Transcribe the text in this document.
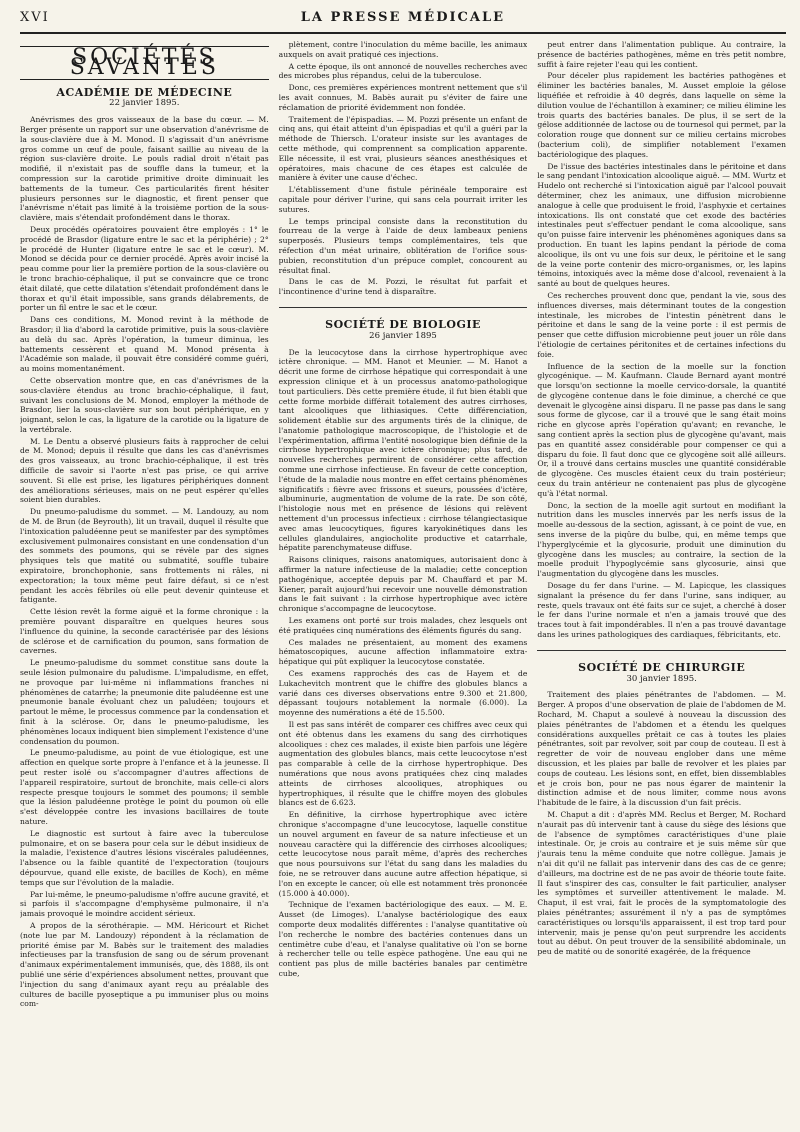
XVI	LA PRESSE MÉDICALE
SOCIÉTÉS SAVANTES
ACADÉMIE DE MÉDECINE
22 janvier 1895.

Anévrismes des gros vaisseaux de la base du cœur. — M. Berger présente un rapport sur une observation d'anévrisme de la sous-clavière due à M. Monod. Il s'agissait d'un anévrisme gros comme un œuf de poule, faisant saillie au niveau de la région sus-clavière droite. Le pouls radial droit n'était pas modifié, il n'existait pas de souffle dans la tumeur, et la compression sur la carotide primitive droite diminuait les battements de la tumeur. Ces particularités firent hésiter plusieurs personnes sur le diagnostic, et firent penser que l'anévrisme n'était pas limité à la troisième portion de la sous-clavière, mais s'étendait profondément dans le thorax.

Deux procédés opératoires pouvaient être employés : 1° le procédé de Brasdor (ligature entre le sac et la périphérie) ; 2° le procédé de Hunter (ligature entre le sac et le cœur). M. Monod se décida pour ce dernier procédé. Après avoir incisé la peau comme pour lier la première portion de la sous-clavière ou le tronc brachio-céphalique, il put se convaincre que ce tronc était dilaté, que cette dilatation s'étendait profondément dans le thorax et qu'il était impossible, sans grands délabrements, de porter un fil entre le sac et le cœur.

Dans ces conditions, M. Monod revint à la méthode de Brasdor; il lia d'abord la carotide primitive, puis la sous-clavière au delà du sac. Après l'opération, la tumeur diminua, les battements cessèrent et quand M. Monod présenta à l'Académie son malade, il pouvait être considéré comme guéri, au moins momentanément.

Cette observation montre que, en cas d'anévrismes de la sous-clavière étendus au tronc brachio-céphalique, il faut, suivant les conclusions de M. Monod, employer la méthode de Brasdor, lier la sous-clavière sur son bout périphérique, en y joignant, selon le cas, la ligature de la carotide ou la ligature de la vertébrale.

M. Le Dentu a observé plusieurs faits à rapprocher de celui de M. Monod; depuis il résulte que dans les cas d'anévrismes des gros vaisseaux, au tronc brachio-céphalique, il est très difficile de savoir si l'aorte n'est pas prise, ce qui arrive souvent. Si elle est prise, les ligatures périphériques donnent des améliorations sérieuses, mais on ne peut espérer qu'elles soient bien durables.

Du pneumo-paludisme du sommet. — M. Landouzy, au nom de M. de Brun (de Beyrouth), lit un travail, duquel il résulte que l'intoxication paludéenne peut se manifester par des symptômes exclusivement pulmonaires consistant en une condensation d'un des sommets des poumons, qui se révèle par des signes physiques tels que matité ou submatité, souffle tubaire expiratoire, bronchophonie, sans frottements ni râles, ni expectoration; la toux même peut faire défaut, si ce n'est pendant les accès fébriles où elle peut devenir quinteuse et fatigante.

Cette lésion revêt la forme aiguë et la forme chronique : la première pouvant disparaître en quelques heures sous l'influence du quinine, la seconde caractérisée par des lésions de sclérose et de carnification du poumon, sans formation de cavernes.

Le pneumo-paludisme du sommet constitue sans doute la seule lésion pulmonaire du paludisme. L'impaludisme, en effet, ne provoque par lui-même ni inflammations franches ni phénomènes de catarrhe; la pneumonie dite paludéenne est une pneumonie banale évoluant chez un paludéen; toujours et partout le même, le processus commence par la condensation et finit à la sclérose. Or, dans le pneumo-paludisme, les phénomènes locaux indiquent bien simplement l'existence d'une condensation du poumon.

Le pneumo-paludisme, au point de vue étiologique, est une affection en quelque sorte propre à l'enfance et à la jeunesse. Il peut rester isolé ou s'accompagner d'autres affections de l'appareil respiratoire, surtout de bronchite, mais celle-ci alors respecte presque toujours le sommet des poumons; il semble que la lésion paludéenne protège le point du poumon où elle s'est développée contre les invasions bacillaires de toute nature.

Le diagnostic est surtout à faire avec la tuberculose pulmonaire, et on se basera pour cela sur le début insidieux de la maladie, l'existence d'autres lésions viscérales paludéennes, l'absence ou la faible quantité de l'expectoration (toujours dépourvue, quand elle existe, de bacilles de Koch), en même temps que sur l'évolution de la maladie.

Par lui-même, le pneumo-paludisme n'offre aucune gravité, et si parfois il s'accompagne d'emphysème pulmonaire, il n'a jamais provoqué le moindre accident sérieux.

A propos de la sérothérapie. — MM. Héricourt et Richet (note lue par M. Landouzy) répondent à la réclamation de priorité émise par M. Babès sur le traitement des maladies infectieuses par la transfusion de sang ou de sérum provenant d'animaux expérimentalement immunisés, que, dès 1888, ils ont publié une série d'expériences absolument nettes, prouvant que l'injection du sang d'animaux ayant reçu au préalable des cultures de bacille pyoseptique a pu immuniser plus ou moins com-

plètement, contre l'inoculation du même bacille, les animaux auxquels on avait pratiqué ces injections.

A cette époque, ils ont annoncé de nouvelles recherches avec des microbes plus répandus, celui de la tuberculose.

Donc, ces premières expériences montrent nettement que s'il les avait connues, M. Babès aurait pu s'éviter de faire une réclamation de priorité évidemment non fondée.

Traitement de l'épispadias. — M. Pozzi présente un enfant de cinq ans, qui était atteint d'un épispadias et qu'il a guéri par la méthode de Thiersch. L'orateur insiste sur les avantages de cette méthode, qui comprennent sa complication apparente. Elle nécessite, il est vrai, plusieurs séances anesthésiques et opératoires, mais chacune de ces étapes est calculée de manière à éviter une cause d'échec.

L'établissement d'une fistule périnéale temporaire est capitale pour dériver l'urine, qui sans cela pourrait irriter les sutures.

Le temps principal consiste dans la reconstitution du fourreau de la verge à l'aide de deux lambeaux peniens superposés. Plusieurs temps complémentaires, tels que réfection d'un méat urinaire, oblitération de l'orifice sous-pubien, reconstitution d'un prépuce complet, concourent au résultat final.

Dans le cas de M. Pozzi, le résultat fut parfait et l'incontinence d'urine tend à disparaître.

SOCIÉTÉ DE BIOLOGIE
26 janvier 1895

De la leucocytose dans la cirrhose hypertrophique avec ictère chronique. — MM. Hanot et Meunier. — M. Hanot a décrit une forme de cirrhose hépatique qui correspondait à une expression clinique et à un processus anatomo-pathologique tout particuliers. Dès cette première étude, il fut bien établi que cette forme morbide différait totalement des autres cirrhoses, tant alcooliques que lithiasiques. Cette différenciation, solidement établie sur des arguments tirés de la clinique, de l'anatomie pathologique macroscopique, de l'histologie et de l'expérimentation, affirma l'entité nosologique bien définie de la cirrhose hypertrophique avec ictère chronique; plus tard, de nouvelles recherches permirent de considérer cette affection comme une cirrhose infectieuse. En faveur de cette conception, l'étude de la maladie nous montre en effet certains phénomènes significatifs : fièvre avec frissons et sueurs, poussées d'ictère, albuminurie, augmentation de volume de la rate. De son côté, l'histologie nous met en présence de lésions qui relèvent nettement d'un processus infectieux : cirrhose télangiectasique avec amas leucocytiques, figures karyokinétiques dans les cellules glandulaires, angiocholite productive et catarrhale, hépatite parenchymateuse diffuse.

Raisons cliniques, raisons anatomiques, autorisaient donc à affirmer la nature infectieuse de la maladie; cette conception pathogénique, acceptée depuis par M. Chauffard et par M. Kiener, paraît aujourd'hui recevoir une nouvelle démonstration dans le fait suivant : la cirrhose hypertrophique avec ictère chronique s'accompagne de leucocytose.

Les examens ont porté sur trois malades, chez lesquels ont été pratiquées cinq numérations des éléments figurés du sang.

Ces malades ne présentaient, au moment des examens hématoscopiques, aucune affection inflammatoire extra-hépatique qui pût expliquer la leucocytose constatée.

Ces examens rapprochés des cas de Hayem et de Lukachevitch montrent que le chiffre des globules blancs a varié dans ces diverses observations entre 9.300 et 21.800, dépassant toujours notablement la normale (6.000). La moyenne des numérations a été de 15.500.

Il est pas sans intérêt de comparer ces chiffres avec ceux qui ont été obtenus dans les examens du sang des cirrhotiques alcooliques : chez ces malades, il existe bien parfois une légère augmentation des globules blancs, mais cette leucocytose n'est pas comparable à celle de la cirrhose hypertrophique. Des numérations que nous avons pratiquées chez cinq malades atteints de cirrhoses alcooliques, atrophiques ou hypertrophiques, il résulte que le chiffre moyen des globules blancs est de 6.623.

En définitive, la cirrhose hypertrophique avec ictère chronique s'accompagne d'une leucocytose, laquelle constitue un nouvel argument en faveur de sa nature infectieuse et un nouveau caractère qui la différencie des cirrhoses alcooliques; cette leucocytose nous paraît même, d'après des recherches que nous poursuivons sur l'état du sang dans les maladies du foie, ne se retrouver dans aucune autre affection hépatique, si l'on en excepte le cancer, où elle est notamment très prononcée (15.000 à 40.000).

Technique de l'examen bactériologique des eaux. — M. E. Ausset (de Limoges). L'analyse bactériologique des eaux comporte deux modalités différentes : l'analyse quantitative où l'on recherche le nombre des bactéries contenues dans un centimètre cube d'eau, et l'analyse qualitative où l'on se borne à rechercher telle ou telle espèce pathogène. Une eau qui ne contient pas plus de mille bactéries banales par centimètre cube,

peut entrer dans l'alimentation publique. Au contraire, la présence de bactéries pathogènes, même en très petit nombre, suffit à faire rejeter l'eau qui les contient.

Pour déceler plus rapidement les bactéries pathogènes et éliminer les bactéries banales, M. Ausset emploie la gélose liquéfiée et refroidie à 40 degrés, dans laquelle on sème la dilution voulue de l'échantillon à examiner; ce milieu élimine les trois quarts des bactéries banales. De plus, il se sert de la gélose additionnée de lactose ou de tournesol qui permet, par la coloration rouge que donnent sur ce milieu certains microbes (bacterium coli), de simplifier notablement l'examen bactériologique des plaques.

De l'issue des bactéries intestinales dans le péritoine et dans le sang pendant l'intoxication alcoolique aiguë. — MM. Wurtz et Hudelo ont recherché si l'intoxication aiguë par l'alcool pouvait déterminer, chez les animaux, une diffusion microbienne analogue à celle que produisent le froid, l'asphyxie et certaines intoxications. Ils ont constaté que cet exode des bactéries intestinales peut s'effectuer pendant le coma alcoolique, sans qu'on puisse faire intervenir les phénomènes agoniques dans sa production. En tuant les lapins pendant la période de coma alcoolique, ils ont vu une fois sur deux, le péritoine et le sang de la veine porte contenir des micro-organismes, or, les lapins témoins, intoxiqués avec la même dose d'alcool, revenaient à la santé au bout de quelques heures.

Ces recherches prouvent donc que, pendant la vie, sous des influences diverses, mais déterminant toutes de la congestion intestinale, les microbes de l'intestin pénètrent dans le péritoine et dans le sang de la veine porte : il est permis de penser que cette diffusion microbienne peut jouer un rôle dans l'étiologie de certaines péritonites et de certaines infections du foie.

Influence de la section de la moelle sur la fonction glycogénique. — M. Kaufmann. Claude Bernard ayant montré que lorsqu'on sectionne la moelle cervico-dorsale, la quantité de glycogène contenue dans le foie diminue, a cherché ce que devenait le glycogène ainsi disparu. Il ne passe pas dans le sang sous forme de glycose, car il a trouvé que le sang était moins riche en glycose après l'opération qu'avant; en revanche, le sang contient après la section plus de glycogène qu'avant, mais pas en quantité assez considérable pour compenser ce qui a disparu du foie. Il faut donc que ce glycogène soit allé ailleurs. Or, il a trouvé dans certains muscles une quantité considérable de glycogène. Ces muscles étaient ceux du train postérieur; ceux du train antérieur ne contenaient pas plus de glycogène qu'à l'état normal.

Donc, la section de la moelle agit surtout en modifiant la nutrition dans les muscles innervés par les nerfs issus de la moelle au-dessous de la section, agissant, à ce point de vue, en sens inverse de la piqûre du bulbe, qui, en même temps que l'hyperglycémie et la glycosurie, produit une diminution du glycogène dans les muscles; au contraire, la section de la moelle produit l'hypoglycémie sans glycosurie, ainsi que l'augmentation du glycogène dans les muscles.

Dosage du fer dans l'urine. — M. Lapicque, les classiques signalant la présence du fer dans l'urine, sans indiquer, au reste, quels travaux ont été faits sur ce sujet, a cherché à doser le fer dans l'urine normale et n'en a jamais trouvé que des traces tout à fait impondérables. Il n'en a pas trouvé davantage dans les urines pathologiques des cardiaques, fébricitants, etc.

SOCIÉTÉ DE CHIRURGIE
30 janvier 1895.

Traitement des plaies pénétrantes de l'abdomen. — M. Berger. A propos d'une observation de plaie de l'abdomen de M. Rochard, M. Chaput a soulevé à nouveau la discussion des plaies pénétrantes de l'abdomen et a étendu les quelques considérations auxquelles prêtait ce cas à toutes les plaies pénétrantes, soit par revolver, soit par coup de couteau. Il est à regretter de voir de nouveau englober dans une même discussion, et les plaies par balle de revolver et les plaies par coups de couteau. Les lésions sont, en effet, bien dissemblables et je crois bon, pour ne pas nous égarer de maintenir la distinction admise et de nous limiter, comme nous avons l'habitude de le faire, à la discussion d'un fait précis.

M. Chaput a dit : d'après MM. Reclus et Berger, M. Rochard n'aurait pas dû intervenir tant à cause du siège des lésions que de l'absence de symptômes caractéristiques d'une plaie intestinale. Or, je crois au contraire et je suis même sûr que j'aurais tenu la même conduite que notre collègue. Jamais je n'ai dit qu'il ne fallait pas intervenir dans des cas de ce genre; d'ailleurs, ma doctrine est de ne pas avoir de théorie toute faite. Il faut s'inspirer des cas, consulter le fait particulier, analyser les symptômes et surveiller attentivement le malade. M. Chaput, il est vrai, fait le procès de la symptomatologie des plaies pénétrantes; assurément il n'y a pas de symptômes caractéristiques ou lorsqu'ils apparaissent, il est trop tard pour intervenir, mais je pense qu'on peut surprendre les accidents tout au début. On peut trouver de la sensibilité abdominale, un peu de matité ou de sonorité exagérée, de la fréquence
